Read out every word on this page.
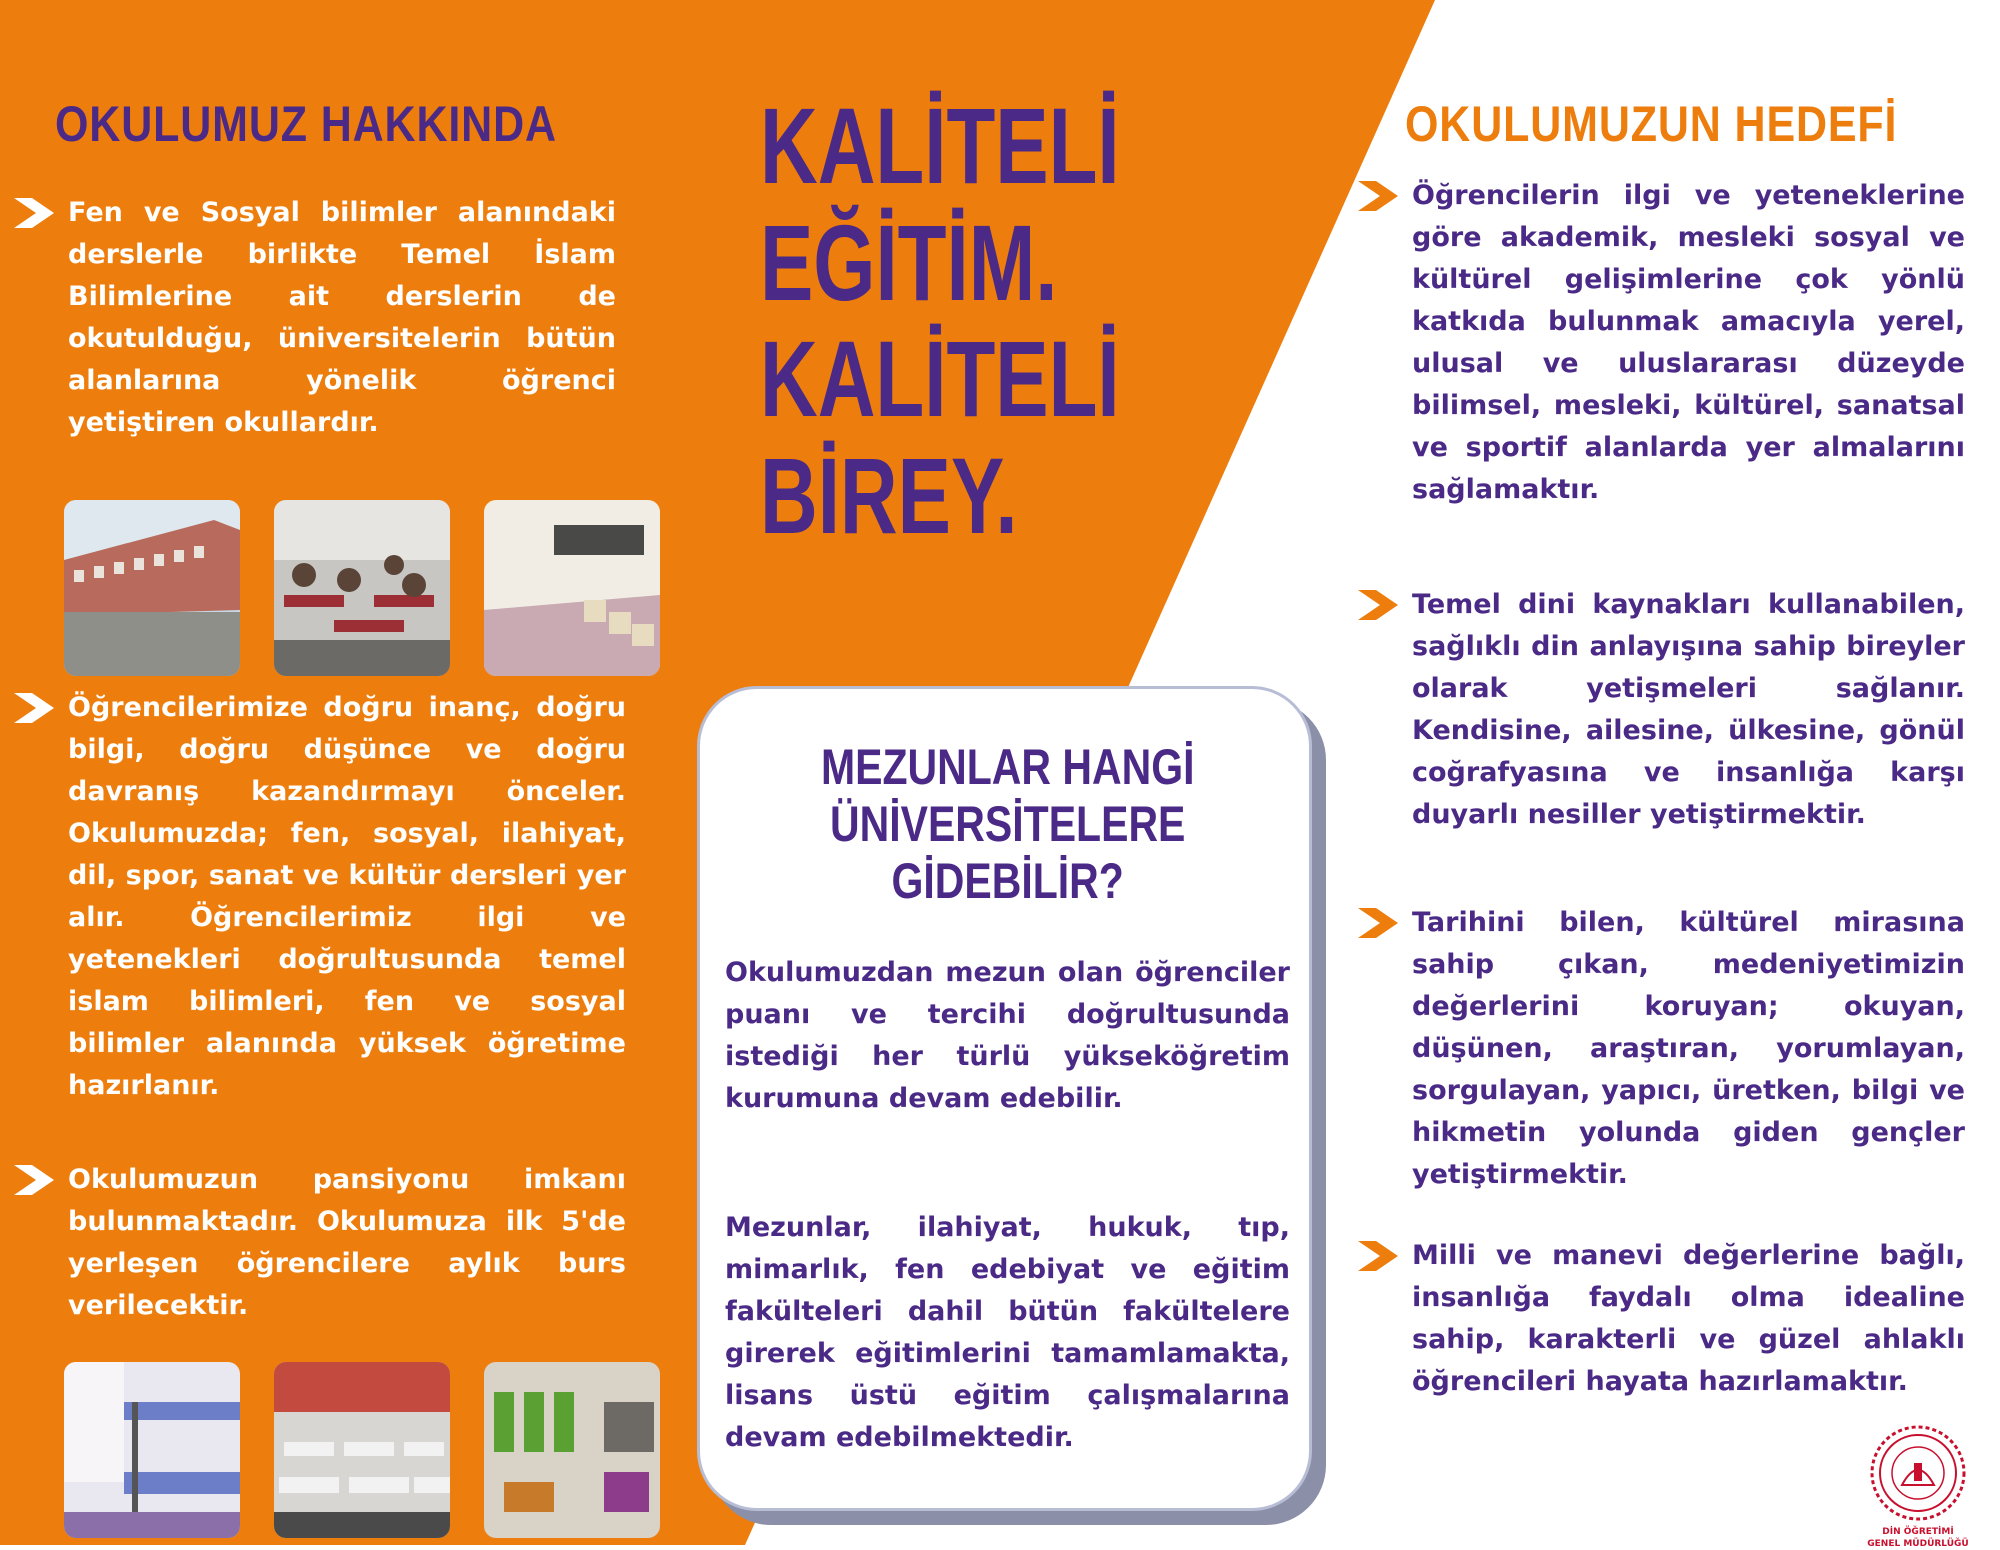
OKULUMUZ HAKKINDA
Fen ve Sosyal bilimler alanındaki derslerle birlikte Temel İslam Bilimlerine ait derslerin de okutulduğu, üniversitelerin bütün alanlarına yönelik öğrenci yetiştiren okullardır.
Öğrencilerimize doğru inanç, doğru bilgi, doğru düşünce ve doğru davranış kazandırmayı önceler. Okulumuzda; fen, sosyal, ilahiyat, dil, spor, sanat ve kültür dersleri yer alır. Öğrencilerimiz ilgi ve yetenekleri doğrultusunda temel islam bilimleri, fen ve sosyal bilimler alanında yüksek öğretime hazırlanır.
Okulumuzun pansiyonu imkanı bulunmaktadır. Okulumuza ilk 5'de yerleşen öğrencilere aylık burs verilecektir.
KALİTELİ
EĞİTİM.
KALİTELİ
BİREY.
MEZUNLAR HANGİ
ÜNİVERSİTELERE
GİDEBİLİR?
Okulumuzdan mezun olan öğrenciler puanı ve tercihi doğrultusunda istediği her türlü yükseköğretim kurumuna devam edebilir.
Mezunlar, ilahiyat, hukuk, tıp, mimarlık, fen edebiyat ve eğitim fakülteleri dahil bütün fakültelere girerek eğitimlerini tamamlamakta, lisans üstü eğitim çalışmalarına devam edebilmektedir.
OKULUMUZUN HEDEFİ
Öğrencilerin ilgi ve yeteneklerine göre akademik, mesleki sosyal ve kültürel gelişimlerine çok yönlü katkıda bulunmak amacıyla yerel, ulusal ve uluslararası düzeyde bilimsel, mesleki, kültürel, sanatsal ve sportif alanlarda yer almalarını sağlamaktır.
Temel dini kaynakları kullanabilen, sağlıklı din anlayışına sahip bireyler olarak yetişmeleri sağlanır. Kendisine, ailesine, ülkesine, gönül coğrafyasına ve insanlığa karşı duyarlı nesiller yetiştirmektir.
Tarihini bilen, kültürel mirasına sahip çıkan, medeniyetimizin değerlerini koruyan; okuyan, düşünen, araştıran, yorumlayan, sorgulayan, yapıcı, üretken, bilgi ve hikmetin yolunda giden gençler yetiştirmektir.
Milli ve manevi değerlerine bağlı, insanlığa faydalı olma idealine sahip, karakterli ve güzel ahlaklı öğrencileri hayata hazırlamaktır.
DİN ÖĞRETİMİ
GENEL MÜDÜRLÜĞÜ
